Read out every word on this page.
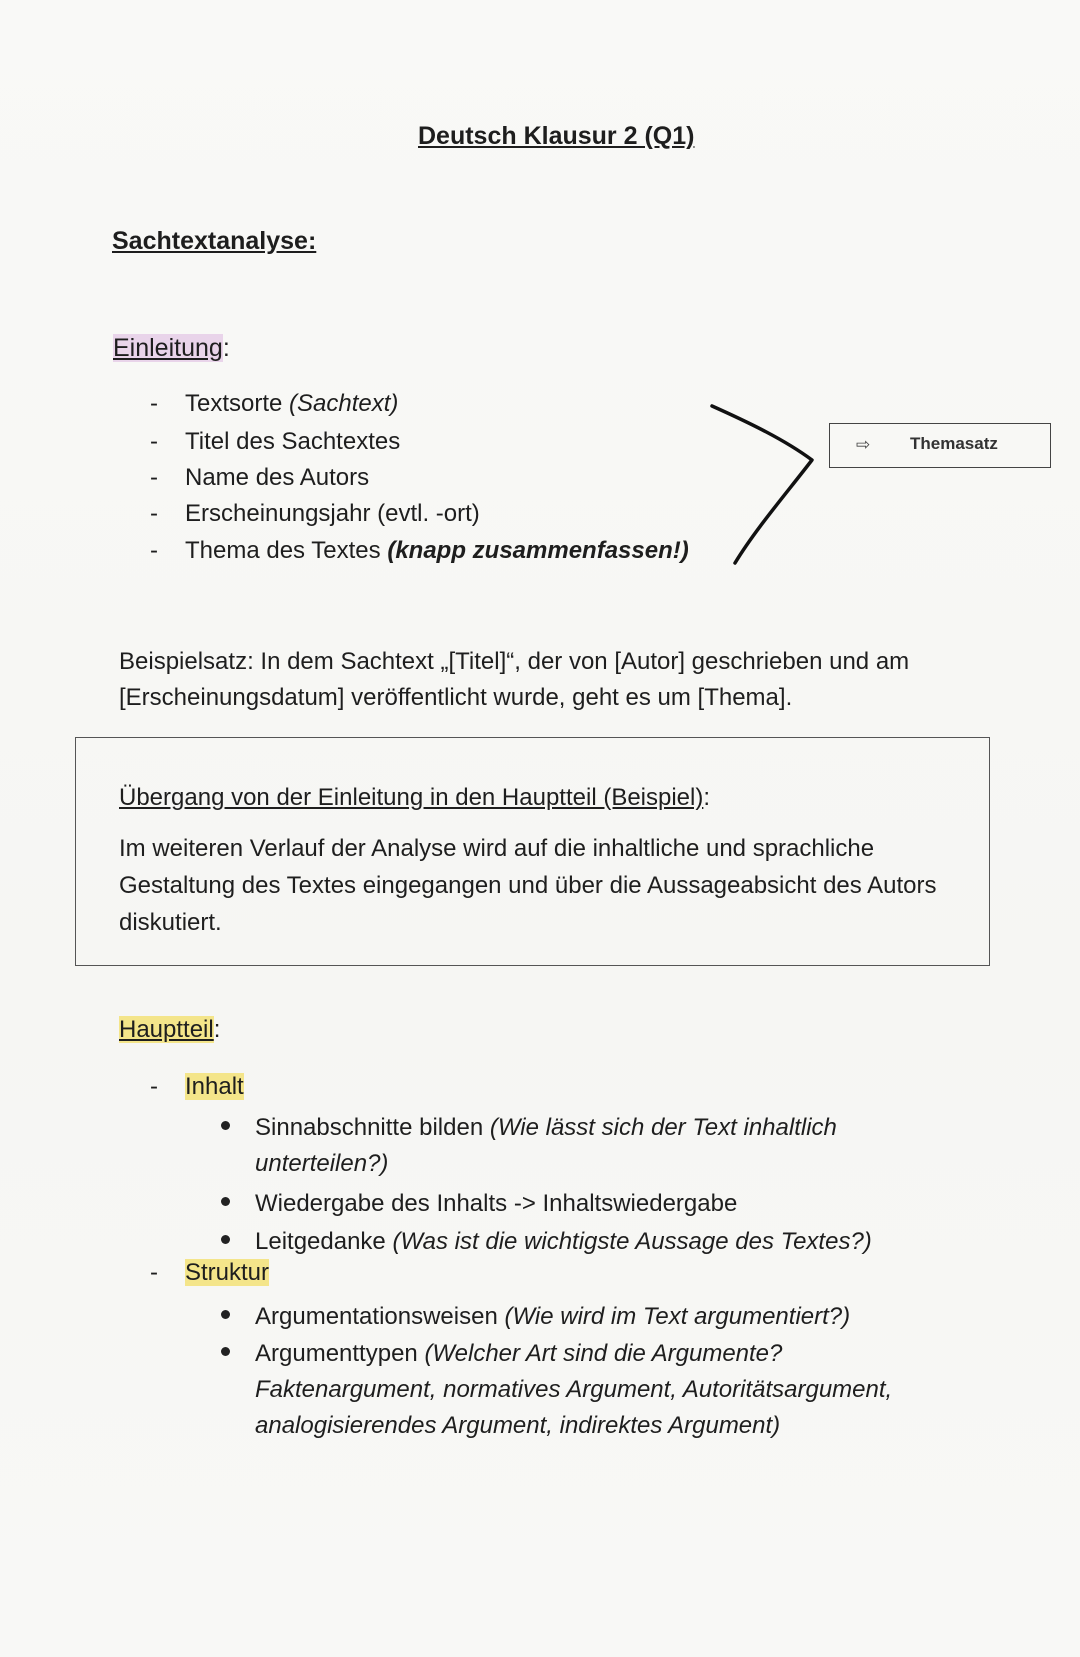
Deutsch Klausur 2 (Q1)
Sachtextanalyse:
Einleitung:
- Textsorte (Sachtext)
- Titel des Sachtextes
- Name des Autors
- Erscheinungsjahr (evtl. -ort)
- Thema des Textes (knapp zusammenfassen!)
⇨ Themasatz
Beispielsatz: In dem Sachtext „[Titel]“, der von [Autor] geschrieben und am [Erscheinungsdatum] veröffentlicht wurde, geht es um [Thema].
Übergang von der Einleitung in den Hauptteil (Beispiel):
Im weiteren Verlauf der Analyse wird auf die inhaltliche und sprachliche Gestaltung des Textes eingegangen und über die Aussageabsicht des Autors diskutiert.
Hauptteil:
- Inhalt
Sinnabschnitte bilden (Wie lässt sich der Text inhaltlich unterteilen?)
Wiedergabe des Inhalts -> Inhaltswiedergabe
Leitgedanke (Was ist die wichtigste Aussage des Textes?)
- Struktur
Argumentationsweisen (Wie wird im Text argumentiert?)
Argumenttypen (Welcher Art sind die Argumente? Faktenargument, normatives Argument, Autoritätsargument, analogisierendes Argument, indirektes Argument)
